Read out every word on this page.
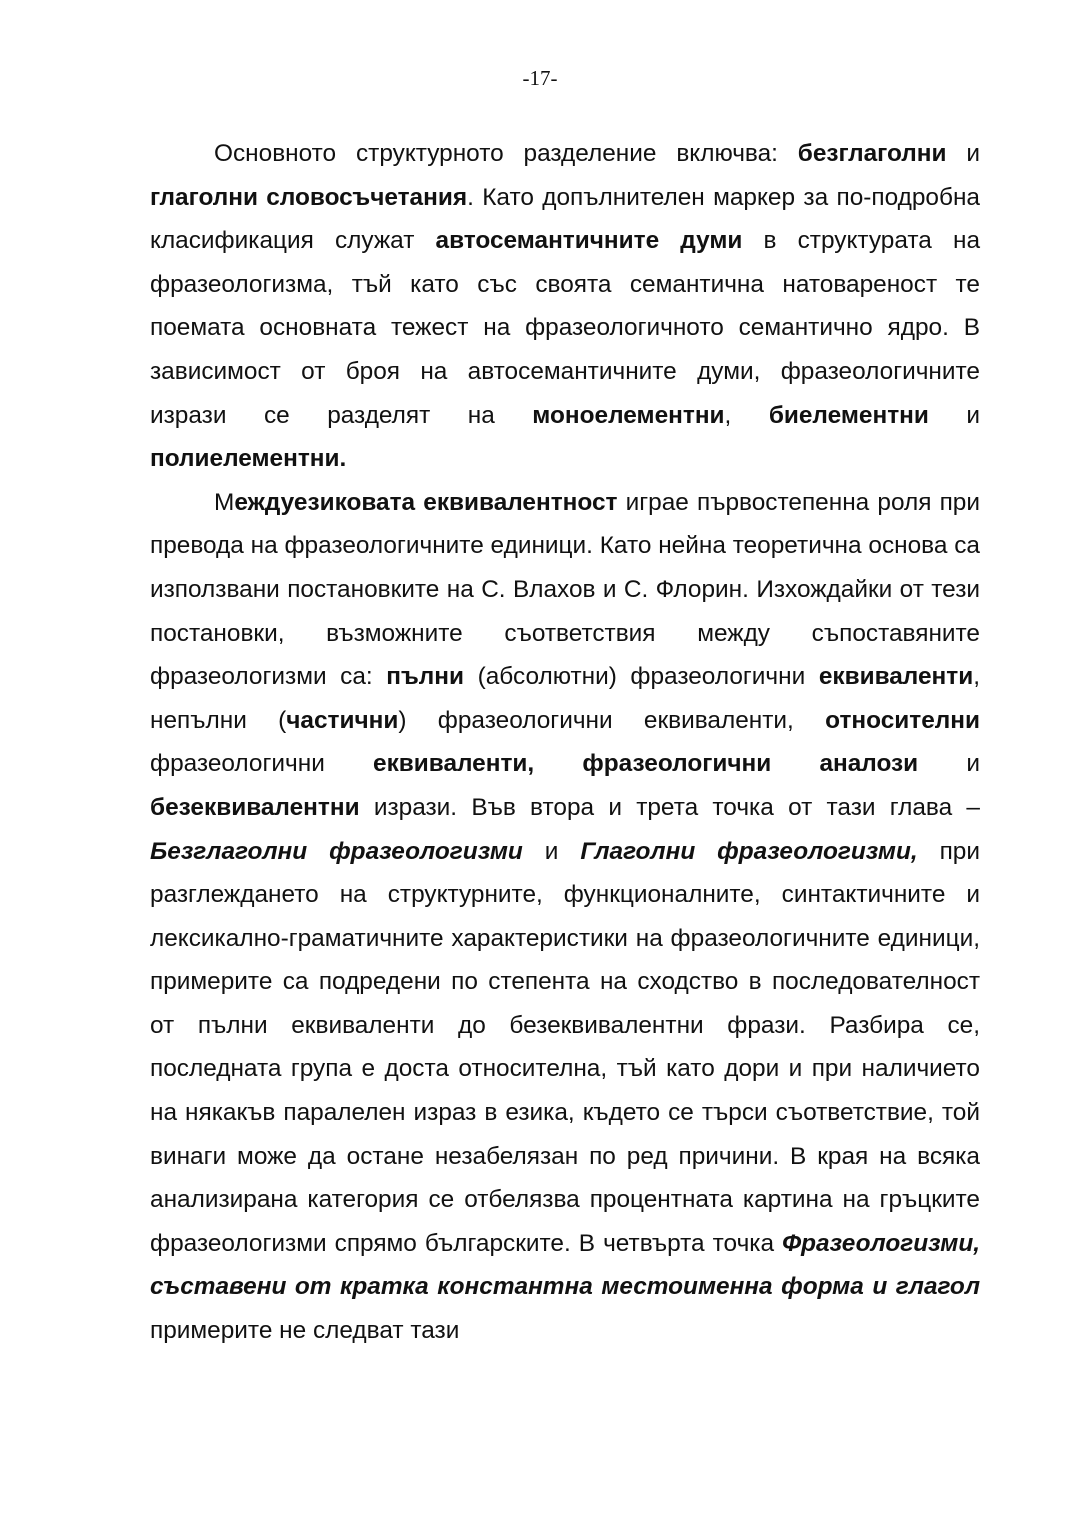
-17-

Основното структурното разделение включва: безглаголни и глаголни словосъчетания. Като допълнителен маркер за по-подробна класификация служат автосемантичните думи в структурата на фразеологизма, тъй като със своята семантична натовареност те поемата основната тежест на фразеологичното семантично ядро. В зависимост от броя на автосемантичните думи, фразеологичните изрази се разделят на моноелементни, биелементни и полиелементни.

Междуезиковата еквивалентност играе първостепенна роля при превода на фразеологичните единици. Като нейна теоретична основа са използвани постановките на С. Влахов и С. Флорин. Изхождайки от тези постановки, възможните съответствия между съпоставяните фразеологизми са: пълни (абсолютни) фразеологични еквиваленти, непълни (частични) фразеологични еквиваленти, относителни фразеологични еквиваленти, фразеологични аналози и безеквивалентни изрази. Във втора и трета точка от тази глава – Безглаголни фразеологизми и Глаголни фразеологизми, при разглеждането на структурните, функционалните, синтактичните и лексикално-граматичните характеристики на фразеологичните единици, примерите са подредени по степента на сходство в последователност от пълни еквиваленти до безеквивалентни фрази. Разбира се, последната група е доста относителна, тъй като дори и при наличието на някакъв паралелен израз в езика, където се търси съответствие, той винаги може да остане незабелязан по ред причини. В края на всяка анализирана категория се отбелязва процентната картина на гръцките фразеологизми спрямо българските. В четвърта точка Фразеологизми, съставени от кратка константна местоименна форма и глагол примерите не следват тази
